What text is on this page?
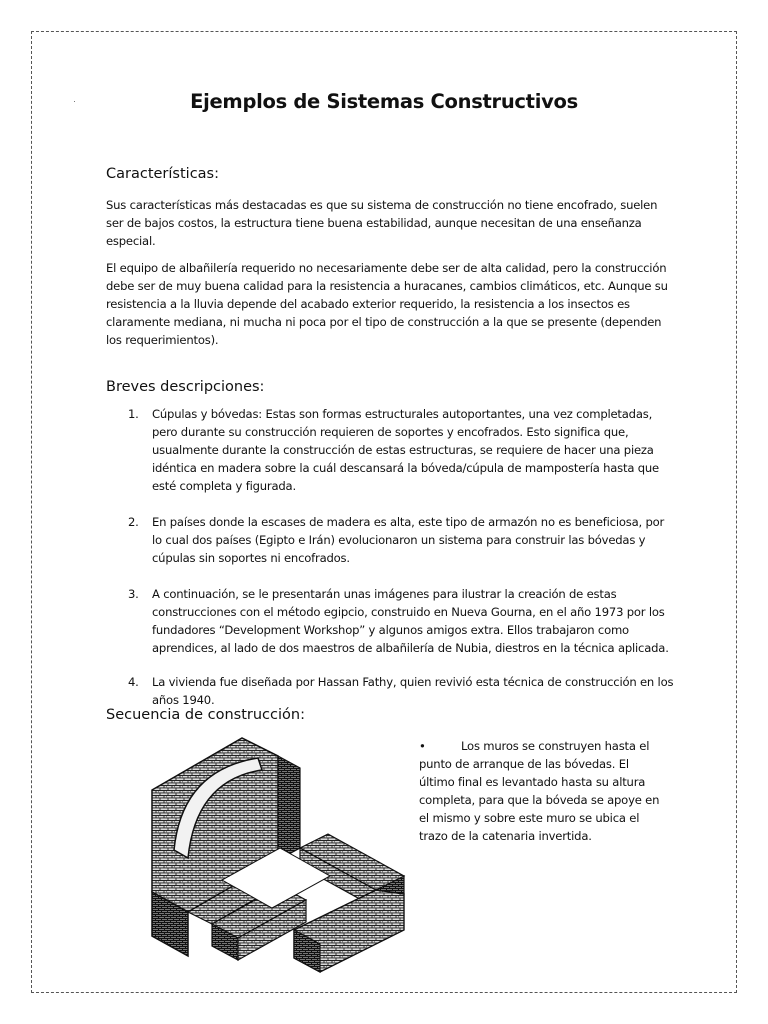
Ejemplos de Sistemas Constructivos
Características:

Sus características más destacadas es que su sistema de construcción no tiene encofrado, suelen ser de bajos costos, la estructura tiene buena estabilidad, aunque necesitan de una enseñanza especial.

El equipo de albañilería requerido no necesariamente debe ser de alta calidad, pero la construcción debe ser de muy buena calidad para la resistencia a huracanes, cambios climáticos, etc. Aunque su resistencia a la lluvia depende del acabado exterior requerido, la resistencia a los insectos es claramente mediana, ni mucha ni poca por el tipo de construcción a la que se presente (dependen los requerimientos).

Breves descripciones:
1. Cúpulas y bóvedas: Estas son formas estructurales autoportantes, una vez completadas, pero durante su construcción requieren de soportes y encofrados. Esto significa que, usualmente durante la construcción de estas estructuras, se requiere de hacer una pieza idéntica en madera sobre la cuál descansará la bóveda/cúpula de mampostería hasta que esté completa y figurada.
2. En países donde la escases de madera es alta, este tipo de armazón no es beneficiosa, por lo cual dos países (Egipto e Irán) evolucionaron un sistema para construir las bóvedas y cúpulas sin soportes ni encofrados.
3. A continuación, se le presentarán unas imágenes para ilustrar la creación de estas construcciones con el método egipcio, construido en Nueva Gourna, en el año 1973 por los fundadores “Development Workshop” y algunos amigos extra. Ellos trabajaron como aprendices, al lado de dos maestros de albañilería de Nubia, diestros en la técnica aplicada.
4. La vivienda fue diseñada por Hassan Fathy, quien revivió esta técnica de construcción en los años 1940.
Secuencia de construcción:

•	Los muros se construyen hasta el punto de arranque de las bóvedas. El último final es levantado hasta su altura completa, para que la bóveda se apoye en el mismo y sobre este muro se ubica el trazo de la catenaria invertida.
